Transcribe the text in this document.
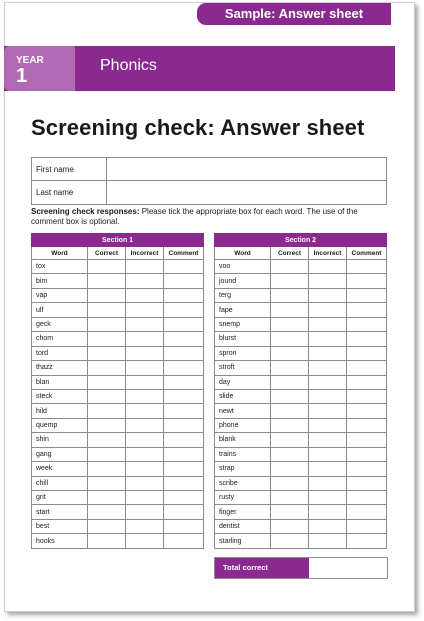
Sample: Answer sheet
YEAR
1	Phonics
Screening check: Answer sheet
First name
Last name
Screening check responses: Please tick the appropriate box for each word. The use of the comment box is optional.
Section 1			
Word	Correct	Incorrect	Comment
tox			
bim			
vap			
ulf			
geck			
chom			
tord			
thazz			
blan			
steck			
hild			
quemp			
shin			
gang			
week			
chill			
grit			
start			
best			
hooks			
Section 2			
Word	Correct	Incorrect	Comment
voo			
jound			
terg			
fape			
snemp			
blurst			
spron			
stroft			
day			
slide			
newt			
phone			
blank			
trains			
strap			
scribe			
rusty			
finger			
dentist			
starling			
Total correct
